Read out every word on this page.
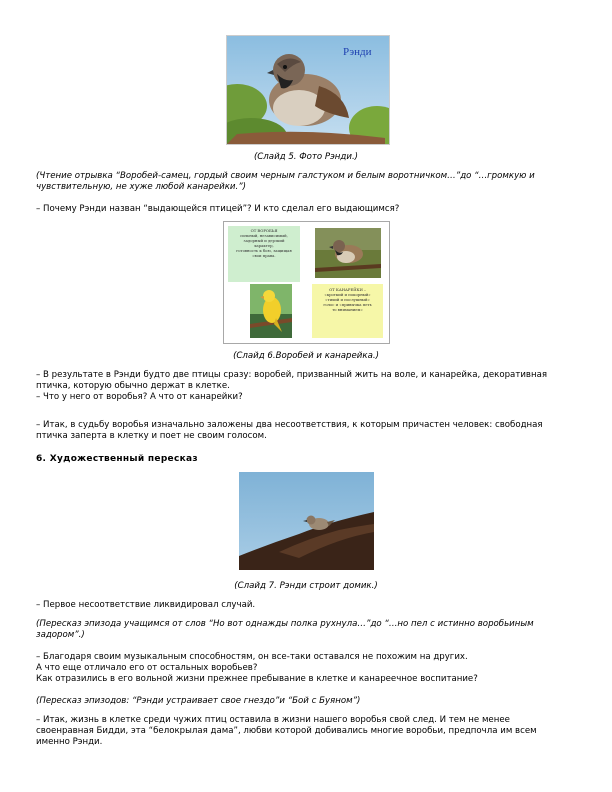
Рэнди

(Слайд 5. Фото Рэнди.)

(Чтение отрывка “Воробей-самец, гордый своим черным галстуком и белым воротничком…”до “…громкую и чувствительную, не хуже любой канарейки.”)

– Почему Рэнди назван “выдающейся птицей”? И кто сделал его выдающимся?

ОТ ВОРОБЬЯ
сильный, независимый,
задорный и дерзкий
характер,
готовность к бою, защищая
свои права.
ОТ КАНАРЕЙКИ –
«кроткий и покорный»
«тихий и послушный»
голос и «привычка петь
то вниманием»

(Слайд 6.Воробей и канарейка.)

– В результате в Рэнди будто две птицы сразу: воробей, призванный жить на воле, и канарейка, декоративная

птичка, которую обычно держат в клетке.

– Что у него от воробья? А что от канарейки?

– Итак, в судьбу воробья изначально заложены два несоответствия, к которым причастен человек: свободная

птичка заперта в клетку и поет не своим голосом.

6. Художественный пересказ

(Слайд 7. Рэнди строит домик.)

– Первое несоответствие ликвидировал случай.

(Пересказ эпизода учащимся от слов “Но вот однажды полка рухнула…”до “…но пел с истинно воробьиным

задором”.)

– Благодаря своим музыкальным способностям, он все-таки оставался не похожим на других.

А что еще отличало его от остальных воробьев?

Как отразились в его вольной жизни прежнее пребывание в клетке и канареечное воспитание?

(Пересказ эпизодов: “Рэнди устраивает свое гнездо”и “Бой с Буяном”)

– Итак, жизнь в клетке среди чужих птиц оставила в жизни нашего воробья свой след. И тем не менее

своенравная Бидди, эта “белокрылая дама”, любви которой добивались многие воробьи, предпочла им всем

именно Рэнди.
